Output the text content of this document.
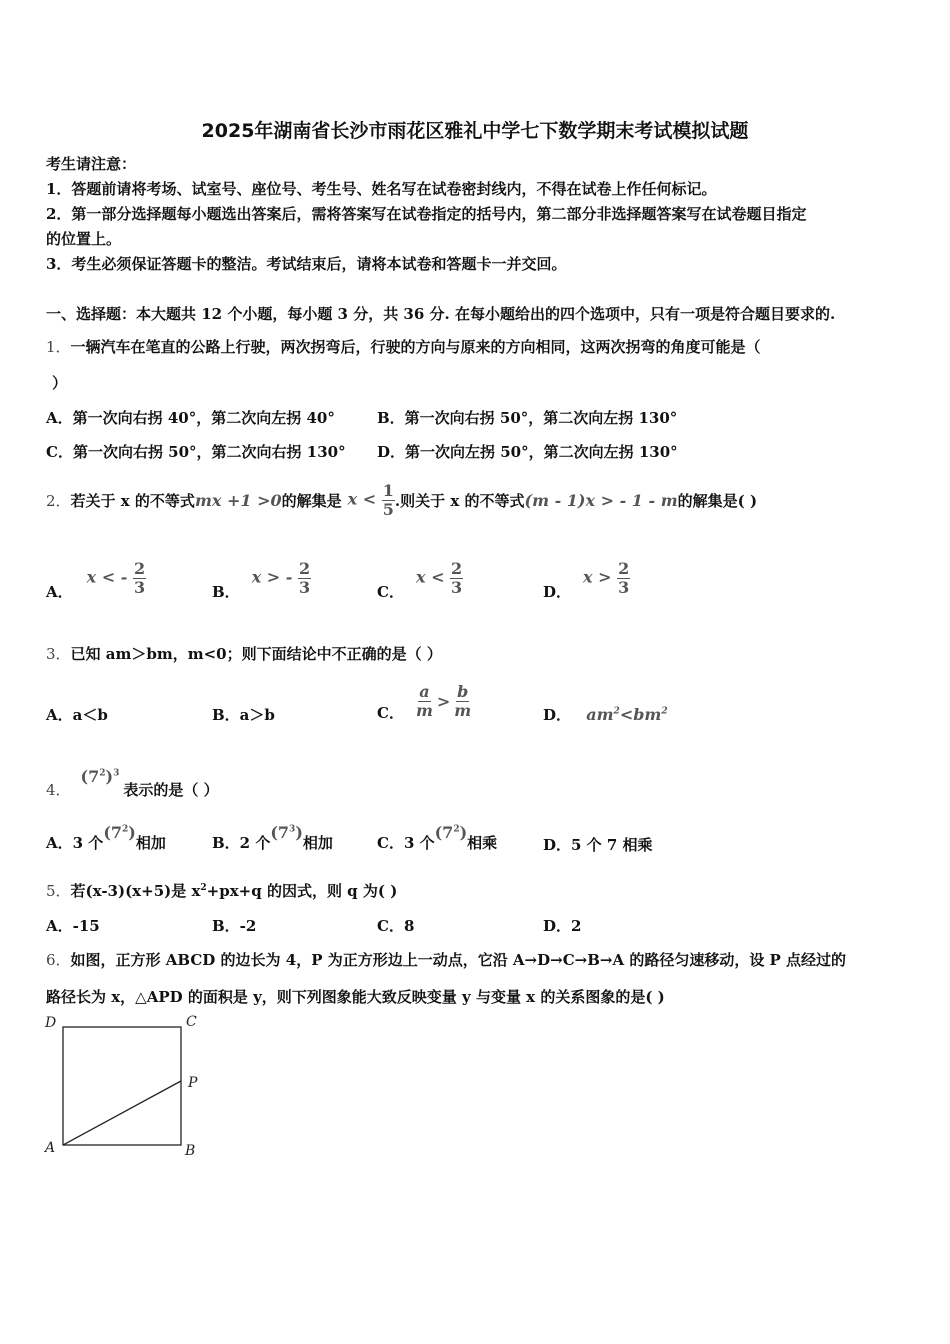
2025年湖南省长沙市雨花区雅礼中学七下数学期末考试模拟试题
考生请注意：
1．答题前请将考场、试室号、座位号、考生号、姓名写在试卷密封线内，不得在试卷上作任何标记。
2．第一部分选择题每小题选出答案后，需将答案写在试卷指定的括号内，第二部分非选择题答案写在试卷题目指定
的位置上。
3．考生必须保证答题卡的整洁。考试结束后，请将本试卷和答题卡一并交回。
一、选择题：本大题共 12 个小题，每小题 3 分，共 36 分. 在每小题给出的四个选项中，只有一项是符合题目要求的.
1．一辆汽车在笔直的公路上行驶，两次拐弯后，行驶的方向与原来的方向相同，这两次拐弯的角度可能是（
）
A．第一次向右拐 40°，第二次向左拐 40°	B．第一次向右拐 50°，第二次向左拐 130°
C．第一次向右拐 50°，第二次向右拐 130° D．第一次向左拐 50°，第二次向左拐 130°
2． 若关于 x 的不等式 mx +1 >0 的解集是 $x < \frac{1}{5}$ .则关于 x 的不等式 (m - 1)x > - 1 - m 的解集是( )
A．
x < - $\frac{2}{3}$	B．
x > - $\frac{2}{3}$	C．
$x < \frac{2}{3}$	D．
$x > \frac{2}{3}$
3．已知 am＞bm，m<0；则下面结论中不正确的是（ ）
A．a＜b	B．a＞b	C． $\frac{a}{m} > \frac{b}{m}$	D． $am^2<bm^2$
4．
$(7^2)^3$
表示的是（ ）
A．3 个
$(7^2)$
相加	B．2 个
$(7^3)$
相加	C．3 个
$(7^2)$
相乘	D．5 个 7 相乘
5．若(x-3)(x+5)是 $x^2+px+q$ 的因式，则 q 为( )
A．-15	B．-2	C．8	D．2
6．如图，正方形 ABCD 的边长为 4，P 为正方形边上一动点，它沿 A→D→C→B→A 的路径匀速移动，设 P 点经过的
路径长为 x，△APD 的面积是 y，则下列图象能大致反映变量 y 与变量 x 的关系图象的是( )
D	C
P
A	B
